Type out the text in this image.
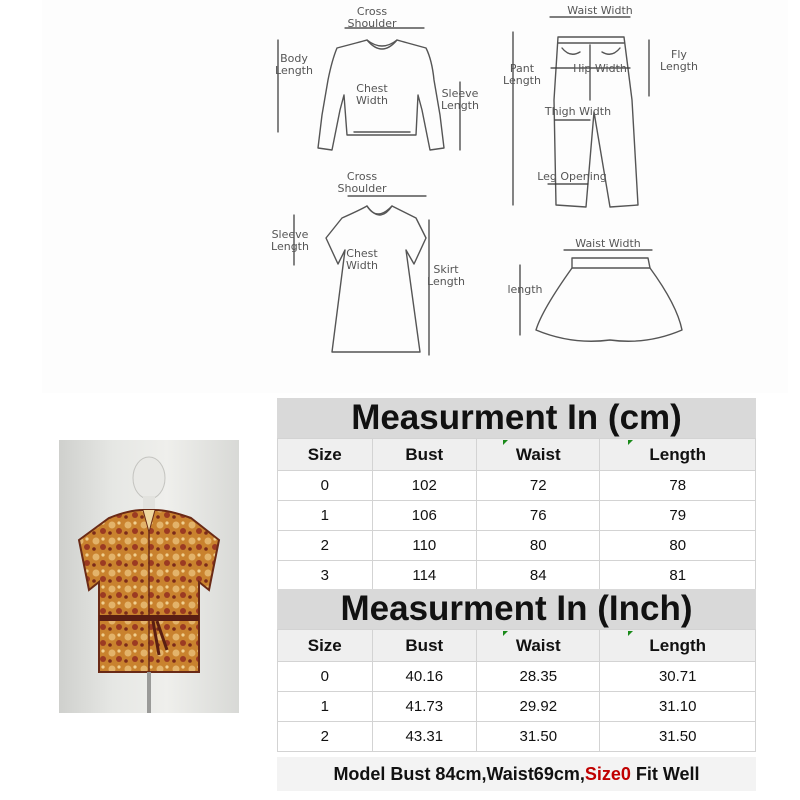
Body
Length
Cross
Shoulder
Chest
Width
Sleeve
Length
Waist Width
Pant
Length
Hip Width
Fly
Length
Thigh Width
Leg Opening
Cross
Shoulder
Sleeve
Length
Chest
Width	Skirt
Length
Waist Width
length
Measurment In (cm)
Size	Bust	Waist	Length
0	102	72	78
1	106	76	79
2	110	80	80
3	114	84	81
Measurment In (Inch)
Size	Bust	Waist	Length
0	40.16	28.35	30.71
1	41.73	29.92	31.10
2	43.31	31.50	31.50
Model Bust 84cm,Waist69cm,Size0 Fit Well
